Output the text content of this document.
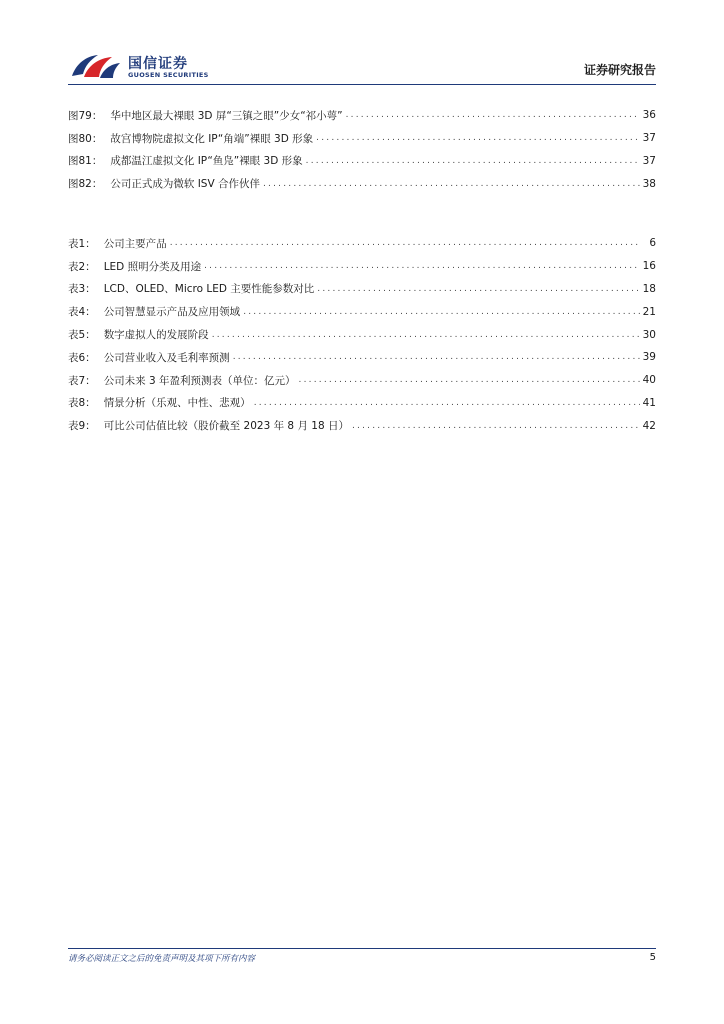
国信证券
GUOSEN SECURITIES	证券研究报告
图79： 华中地区最大裸眼 3D 屏“三镇之眼”少女“祁小萼” .....	36
图80： 故宫博物院虚拟文化 IP“角端”裸眼 3D 形象 .....	37
图81： 成都温江虚拟文化 IP“鱼凫”裸眼 3D 形象 .....	37
图82： 公司正式成为微软 ISV 合作伙伴 .....	38
表1： 公司主要产品 .....	6
表2： LED 照明分类及用途 .....	16
表3： LCD、OLED、Micro LED 主要性能参数对比 .....	18
表4： 公司智慧显示产品及应用领域 .....	21
表5： 数字虚拟人的发展阶段 .....	30
表6： 公司营业收入及毛利率预测 .....	39
表7： 公司未来 3 年盈利预测表（单位：亿元） .....	40
表8： 情景分析（乐观、中性、悲观） .....	41
表9： 可比公司估值比较（股价截至 2023 年 8 月 18 日） .....	42
请务必阅读正文之后的免责声明及其项下所有内容	5
